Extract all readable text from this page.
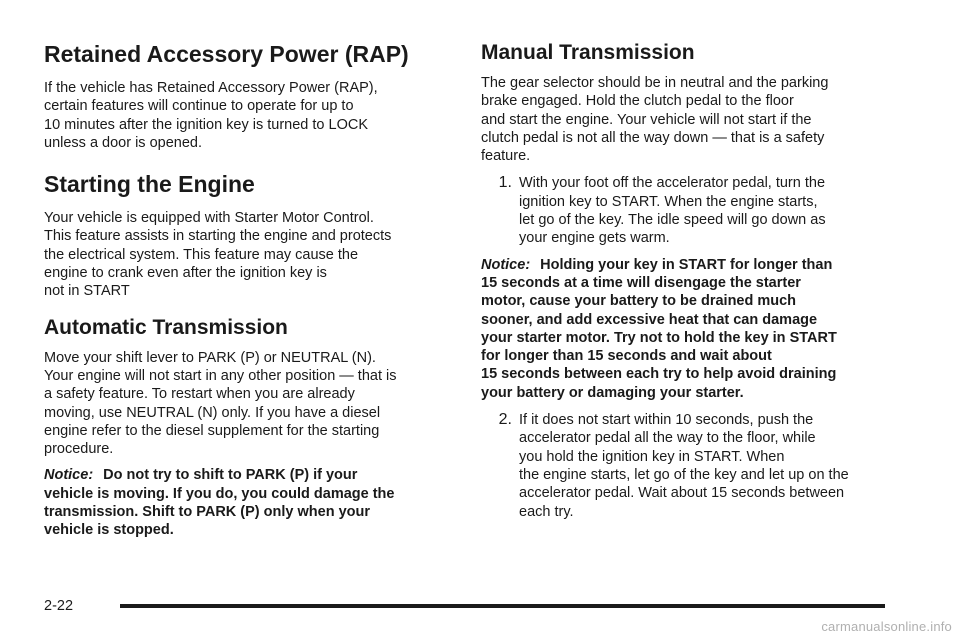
Retained Accessory Power (RAP)

If the vehicle has Retained Accessory Power (RAP),
certain features will continue to operate for up to
10 minutes after the ignition key is turned to LOCK
unless a door is opened.

Starting the Engine

Your vehicle is equipped with Starter Motor Control.
This feature assists in starting the engine and protects
the electrical system. This feature may cause the
engine to crank even after the ignition key is
not in START

Automatic Transmission

Move your shift lever to PARK (P) or NEUTRAL (N).
Your engine will not start in any other position — that is
a safety feature. To restart when you are already
moving, use NEUTRAL (N) only. If you have a diesel
engine refer to the diesel supplement for the starting
procedure.

Notice: Do not try to shift to PARK (P) if your
vehicle is moving. If you do, you could damage the
transmission. Shift to PARK (P) only when your
vehicle is stopped.

Manual Transmission

The gear selector should be in neutral and the parking
brake engaged. Hold the clutch pedal to the floor
and start the engine. Your vehicle will not start if the
clutch pedal is not all the way down — that is a safety
feature.

1. With your foot off the accelerator pedal, turn the
ignition key to START. When the engine starts,
let go of the key. The idle speed will go down as
your engine gets warm.

Notice: Holding your key in START for longer than
15 seconds at a time will disengage the starter
motor, cause your battery to be drained much
sooner, and add excessive heat that can damage
your starter motor. Try not to hold the key in START
for longer than 15 seconds and wait about
15 seconds between each try to help avoid draining
your battery or damaging your starter.

2. If it does not start within 10 seconds, push the
accelerator pedal all the way to the floor, while
you hold the ignition key in START. When
the engine starts, let go of the key and let up on the
accelerator pedal. Wait about 15 seconds between
each try.

2-22
carmanualsonline.info
